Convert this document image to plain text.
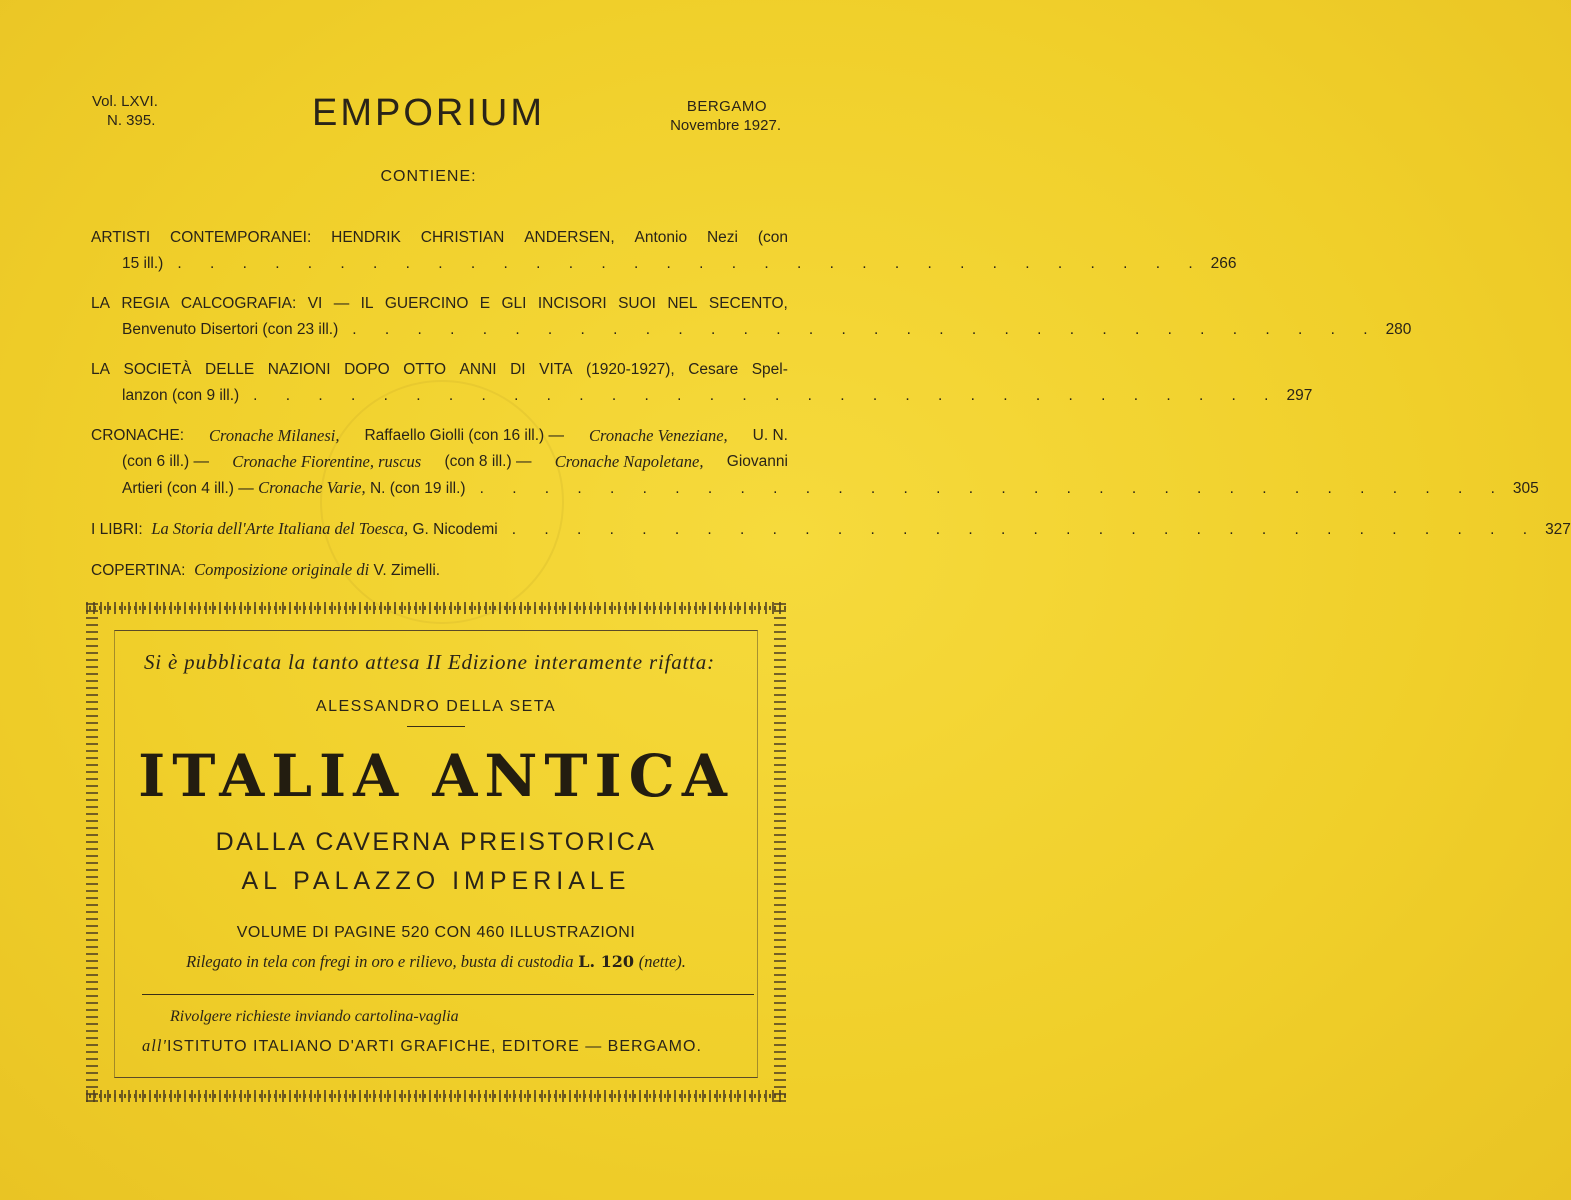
Vol. LXVI.
N. 395.	EMPORIUM	BERGAMO
Novembre 1927.
CONTIENE:
ARTISTI CONTEMPORANEI: HENDRIK CHRISTIAN ANDERSEN, Antonio Nezi (con
15 ill.) . . . . . . . . . . . . . . . . . . . . . . . . . . . . . . . . 266
LA REGIA CALCOGRAFIA: VI — IL GUERCINO E GLI INCISORI SUOI NEL SECENTO,
Benvenuto Disertori (con 23 ill.) . . . . . . . . . . . . . . . . . . . . . . . . . . . . . . . . 280
LA SOCIETÀ DELLE NAZIONI DOPO OTTO ANNI DI VITA (1920-1927), Cesare Spel-
lanzon (con 9 ill.) . . . . . . . . . . . . . . . . . . . . . . . . . . . . . . . . 297
CRONACHE: Cronache Milanesi, Raffaello Giolli (con 16 ill.) — Cronache Veneziane, U. N.
(con 6 ill.) — Cronache Fiorentine, ruscus (con 8 ill.) — Cronache Napoletane, Giovanni
Artieri (con 4 ill.) — Cronache Varie, N. (con 19 ill.) . . . . . . . . . . . . . . . . . . . . . . . . . . . . . . . . 305
I LIBRI:
La Storia dell'Arte Italiana del Toesca,
G. Nicodemi . . . . . . . . . . . . . . . . . . . . . . . . . . . . . . . . 327
COPERTINA: Composizione originale di V. Zimelli.
Si è pubblicata la tanto attesa II Edizione interamente rifatta:
ALESSANDRO DELLA SETA
ITALIA ANTICA
DALLA CAVERNA PREISTORICA
AL PALAZZO IMPERIALE
VOLUME DI PAGINE 520 CON 460 ILLUSTRAZIONI
Rilegato in tela con fregi in oro e rilievo, busta di custodia L. 120 (nette).
Rivolgere richieste inviando cartolina-vaglia
all'ISTITUTO ITALIANO D'ARTI GRAFICHE, EDITORE — BERGAMO.
